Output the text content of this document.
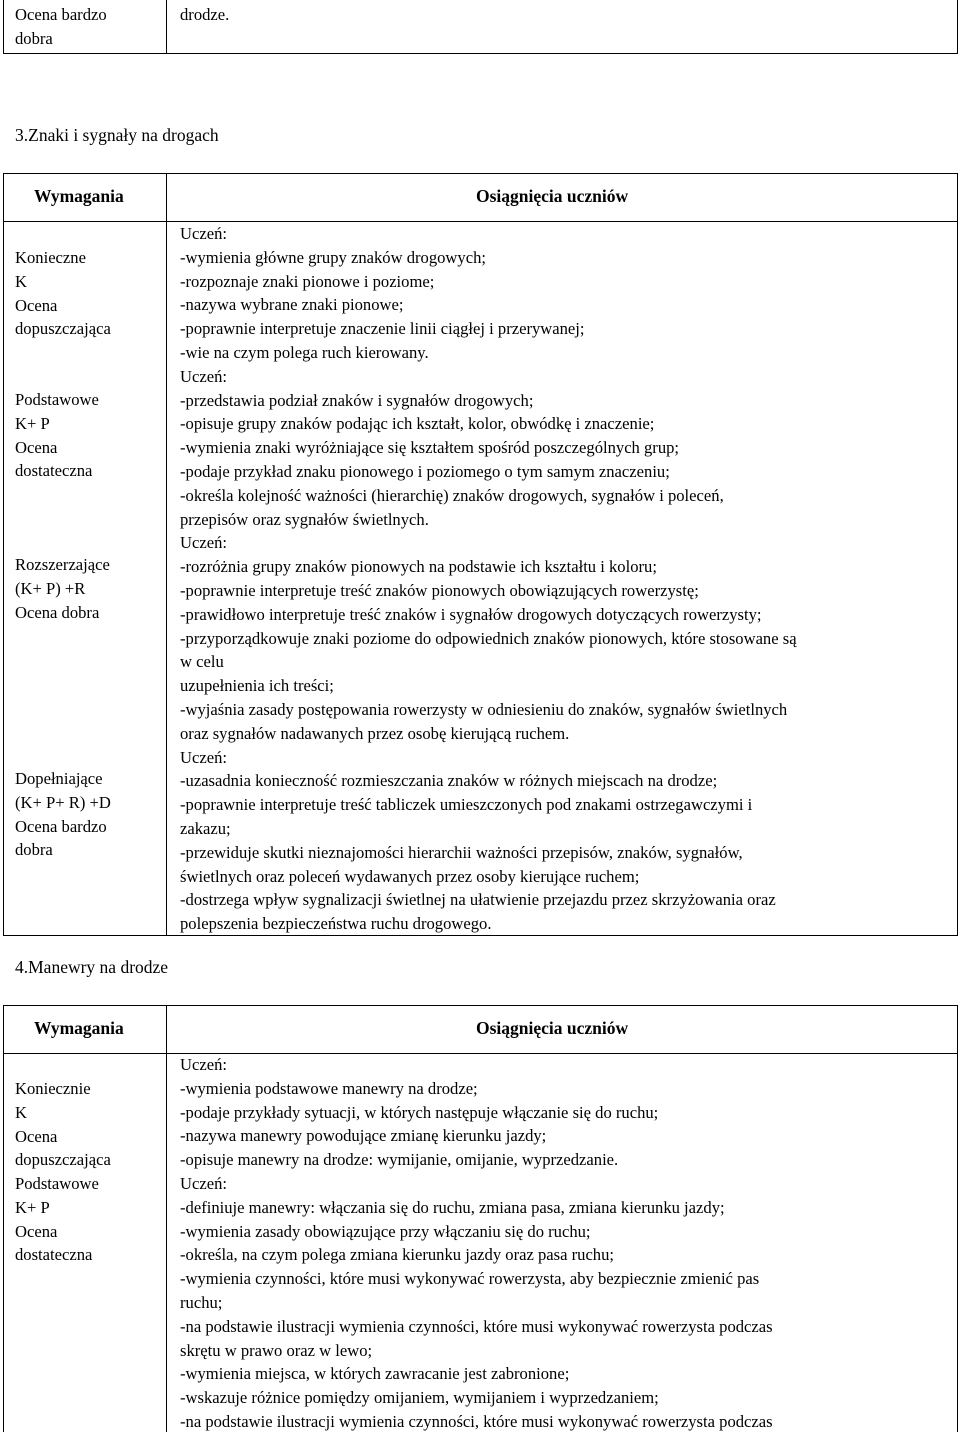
Ocena bardzo
dobra
drodze.
3.Znaki i sygnały na drogach
Wymagania	Osiągnięcia uczniów
Konieczne
K
Ocena
dopuszczająca
Podstawowe
K+ P
Ocena
dostateczna
Rozszerzające
(K+ P) +R
Ocena dobra
Dopełniające
(K+ P+ R) +D
Ocena bardzo
dobra
Uczeń:
-wymienia główne grupy znaków drogowych;
-rozpoznaje znaki pionowe i poziome;
-nazywa wybrane znaki pionowe;
-poprawnie interpretuje znaczenie linii ciągłej i przerywanej;
-wie na czym polega ruch kierowany.
Uczeń:
-przedstawia podział znaków i sygnałów drogowych;
-opisuje grupy znaków podając ich kształt, kolor, obwódkę i znaczenie;
-wymienia znaki wyróżniające się kształtem spośród poszczególnych grup;
-podaje przykład znaku pionowego i poziomego o tym samym znaczeniu;
-określa kolejność ważności (hierarchię) znaków drogowych, sygnałów i poleceń,
przepisów oraz sygnałów świetlnych.
Uczeń:
-rozróżnia grupy znaków pionowych na podstawie ich kształtu i koloru;
-poprawnie interpretuje treść znaków pionowych obowiązujących rowerzystę;
-prawidłowo interpretuje treść znaków i sygnałów drogowych dotyczących rowerzysty;
-przyporządkowuje znaki poziome do odpowiednich znaków pionowych, które stosowane są
w celu
uzupełnienia ich treści;
-wyjaśnia zasady postępowania rowerzysty w odniesieniu do znaków, sygnałów świetlnych
oraz sygnałów nadawanych przez osobę kierującą ruchem.
Uczeń:
-uzasadnia konieczność rozmieszczania znaków w różnych miejscach na drodze;
-poprawnie interpretuje treść tabliczek umieszczonych pod znakami ostrzegawczymi i
zakazu;
-przewiduje skutki nieznajomości hierarchii ważności przepisów, znaków, sygnałów,
świetlnych oraz poleceń wydawanych przez osoby kierujące ruchem;
-dostrzega wpływ sygnalizacji świetlnej na ułatwienie przejazdu przez skrzyżowania oraz
polepszenia bezpieczeństwa ruchu drogowego.
4.Manewry na drodze
Wymagania	Osiągnięcia uczniów
Koniecznie
K
Ocena
dopuszczająca
Podstawowe
K+ P
Ocena
dostateczna
Uczeń:
-wymienia podstawowe manewry na drodze;
-podaje przykłady sytuacji, w których następuje włączanie się do ruchu;
-nazywa manewry powodujące zmianę kierunku jazdy;
-opisuje manewry na drodze: wymijanie, omijanie, wyprzedzanie.
Uczeń:
-definiuje manewry: włączania się do ruchu, zmiana pasa, zmiana kierunku jazdy;
-wymienia zasady obowiązujące przy włączaniu się do ruchu;
-określa, na czym polega zmiana kierunku jazdy oraz pasa ruchu;
-wymienia czynności, które musi wykonywać rowerzysta, aby bezpiecznie zmienić pas
ruchu;
-na podstawie ilustracji wymienia czynności, które musi wykonywać rowerzysta podczas
skrętu w prawo oraz w lewo;
-wymienia miejsca, w których zawracanie jest zabronione;
-wskazuje różnice pomiędzy omijaniem, wymijaniem i wyprzedzaniem;
-na podstawie ilustracji wymienia czynności, które musi wykonywać rowerzysta podczas
